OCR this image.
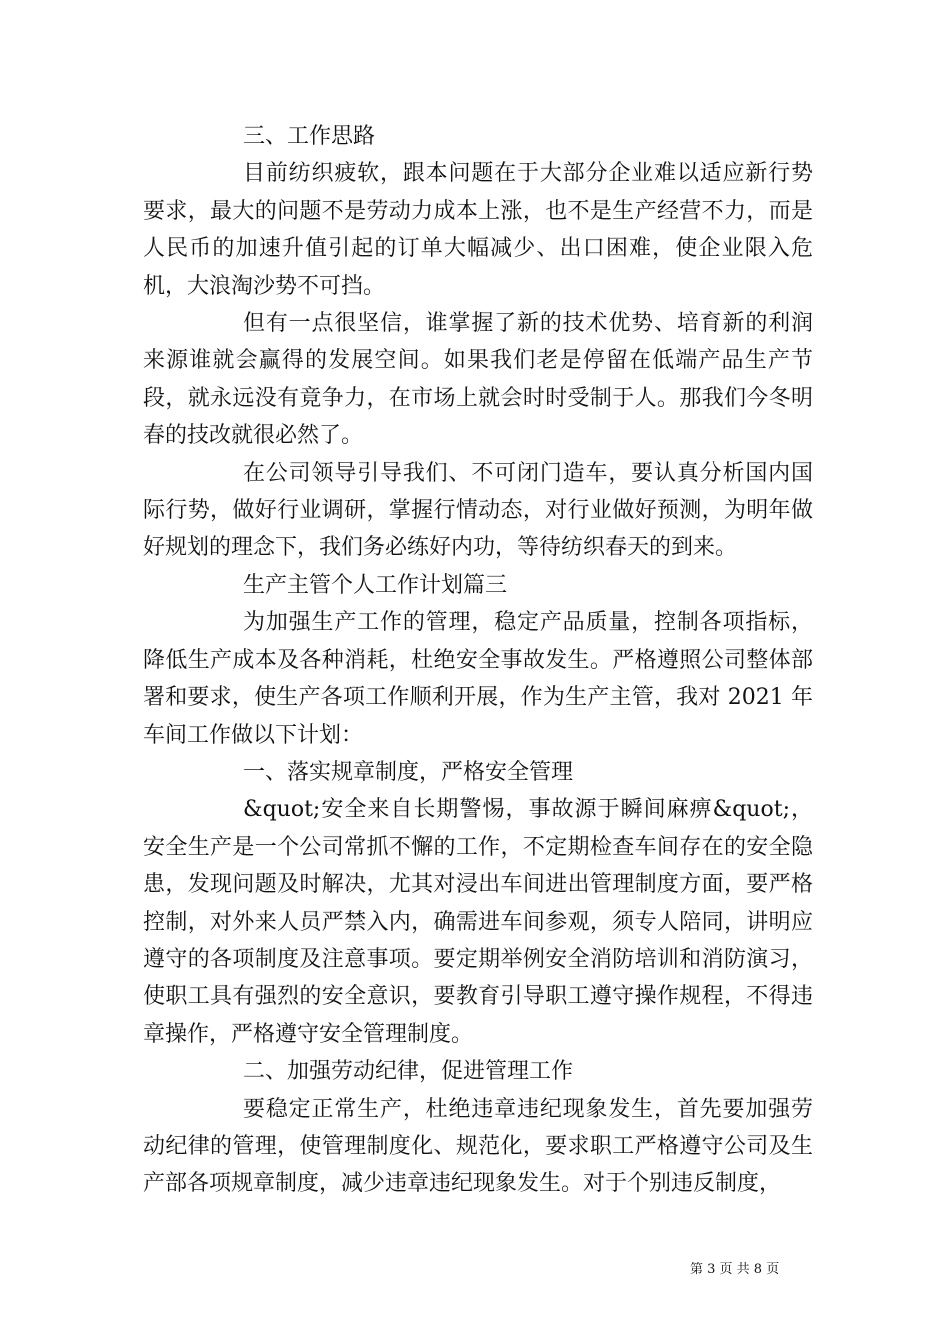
三、工作思路

目前纺织疲软，跟本问题在于大部分企业难以适应新行势要求，最大的问题不是劳动力成本上涨，也不是生产经营不力，而是人民币的加速升值引起的订单大幅减少、出口困难，使企业限入危机，大浪淘沙势不可挡。

但有一点很坚信，谁掌握了新的技术优势、培育新的利润来源谁就会赢得的发展空间。如果我们老是停留在低端产品生产节段，就永远没有竟争力，在市场上就会时时受制于人。那我们今冬明春的技改就很必然了。

在公司领导引导我们、不可闭门造车，要认真分析国内国际行势，做好行业调研，掌握行情动态，对行业做好预测，为明年做好规划的理念下，我们务必练好内功，等待纺织春天的到来。

生产主管个人工作计划篇三

为加强生产工作的管理，稳定产品质量，控制各项指标，降低生产成本及各种消耗，杜绝安全事故发生。严格遵照公司整体部署和要求，使生产各项工作顺利开展，作为生产主管，我对 2021 年车间工作做以下计划：

一、落实规章制度，严格安全管理

&quot;安全来自长期警惕，事故源于瞬间麻痹&quot;，安全生产是一个公司常抓不懈的工作，不定期检查车间存在的安全隐患，发现问题及时解决，尤其对浸出车间进出管理制度方面，要严格控制，对外来人员严禁入内，确需进车间参观，须专人陪同，讲明应遵守的各项制度及注意事项。要定期举例安全消防培训和消防演习，使职工具有强烈的安全意识，要教育引导职工遵守操作规程，不得违章操作，严格遵守安全管理制度。

二、加强劳动纪律，促进管理工作

要稳定正常生产，杜绝违章违纪现象发生，首先要加强劳动纪律的管理，使管理制度化、规范化，要求职工严格遵守公司及生产部各项规章制度，减少违章违纪现象发生。对于个别违反制度，

第 3 页 共 8 页
